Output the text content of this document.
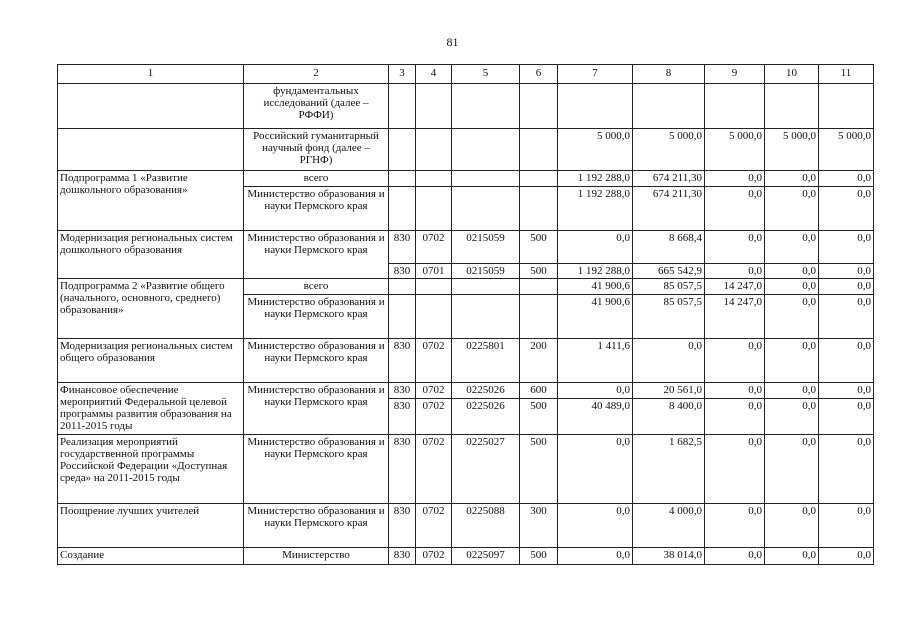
81
1	2	3	4	5	6	7	8	9	10	11
	фундаментальных исследований (далее – РФФИ)									
	Российский гуманитарный научный фонд (далее – РГНФ)					5 000,0	5 000,0	5 000,0	5 000,0	5 000,0
Подпрограмма 1 «Развитие дошкольного образования»	всего					1 192 288,0	674 211,30	0,0	0,0	0,0
	Министерство образования и науки Пермского края					1 192 288,0	674 211,30	0,0	0,0	0,0
Модернизация региональных систем дошкольного образования	Министерство образования и науки Пермского края	830	0702	0215059	500	0,0	8 668,4	0,0	0,0	0,0
		830	0701	0215059	500	1 192 288,0	665 542,9	0,0	0,0	0,0
Подпрограмма 2 «Развитие общего (начального, основного, среднего) образования»	всего					41 900,6	85 057,5	14 247,0	0,0	0,0
	Министерство образования и науки Пермского края					41 900,6	85 057,5	14 247,0	0,0	0,0
Модернизация региональных систем общего образования	Министерство образования и науки Пермского края	830	0702	0225801	200	1 411,6	0,0	0,0	0,0	0,0
Финансовое обеспечение мероприятий Федеральной целевой программы развития образования на 2011-2015 годы	Министерство образования и науки Пермского края	830	0702	0225026	600	0,0	20 561,0	0,0	0,0	0,0
		830	0702	0225026	500	40 489,0	8 400,0	0,0	0,0	0,0
Реализация мероприятий государственной программы Российской Федерации «Доступная среда» на 2011-2015 годы	Министерство образования и науки Пермского края	830	0702	0225027	500	0,0	1 682,5	0,0	0,0	0,0
Поощрение лучших учителей	Министерство образования и науки Пермского края	830	0702	0225088	300	0,0	4 000,0	0,0	0,0	0,0
Создание	Министерство	830	0702	0225097	500	0,0	38 014,0	0,0	0,0	0,0
